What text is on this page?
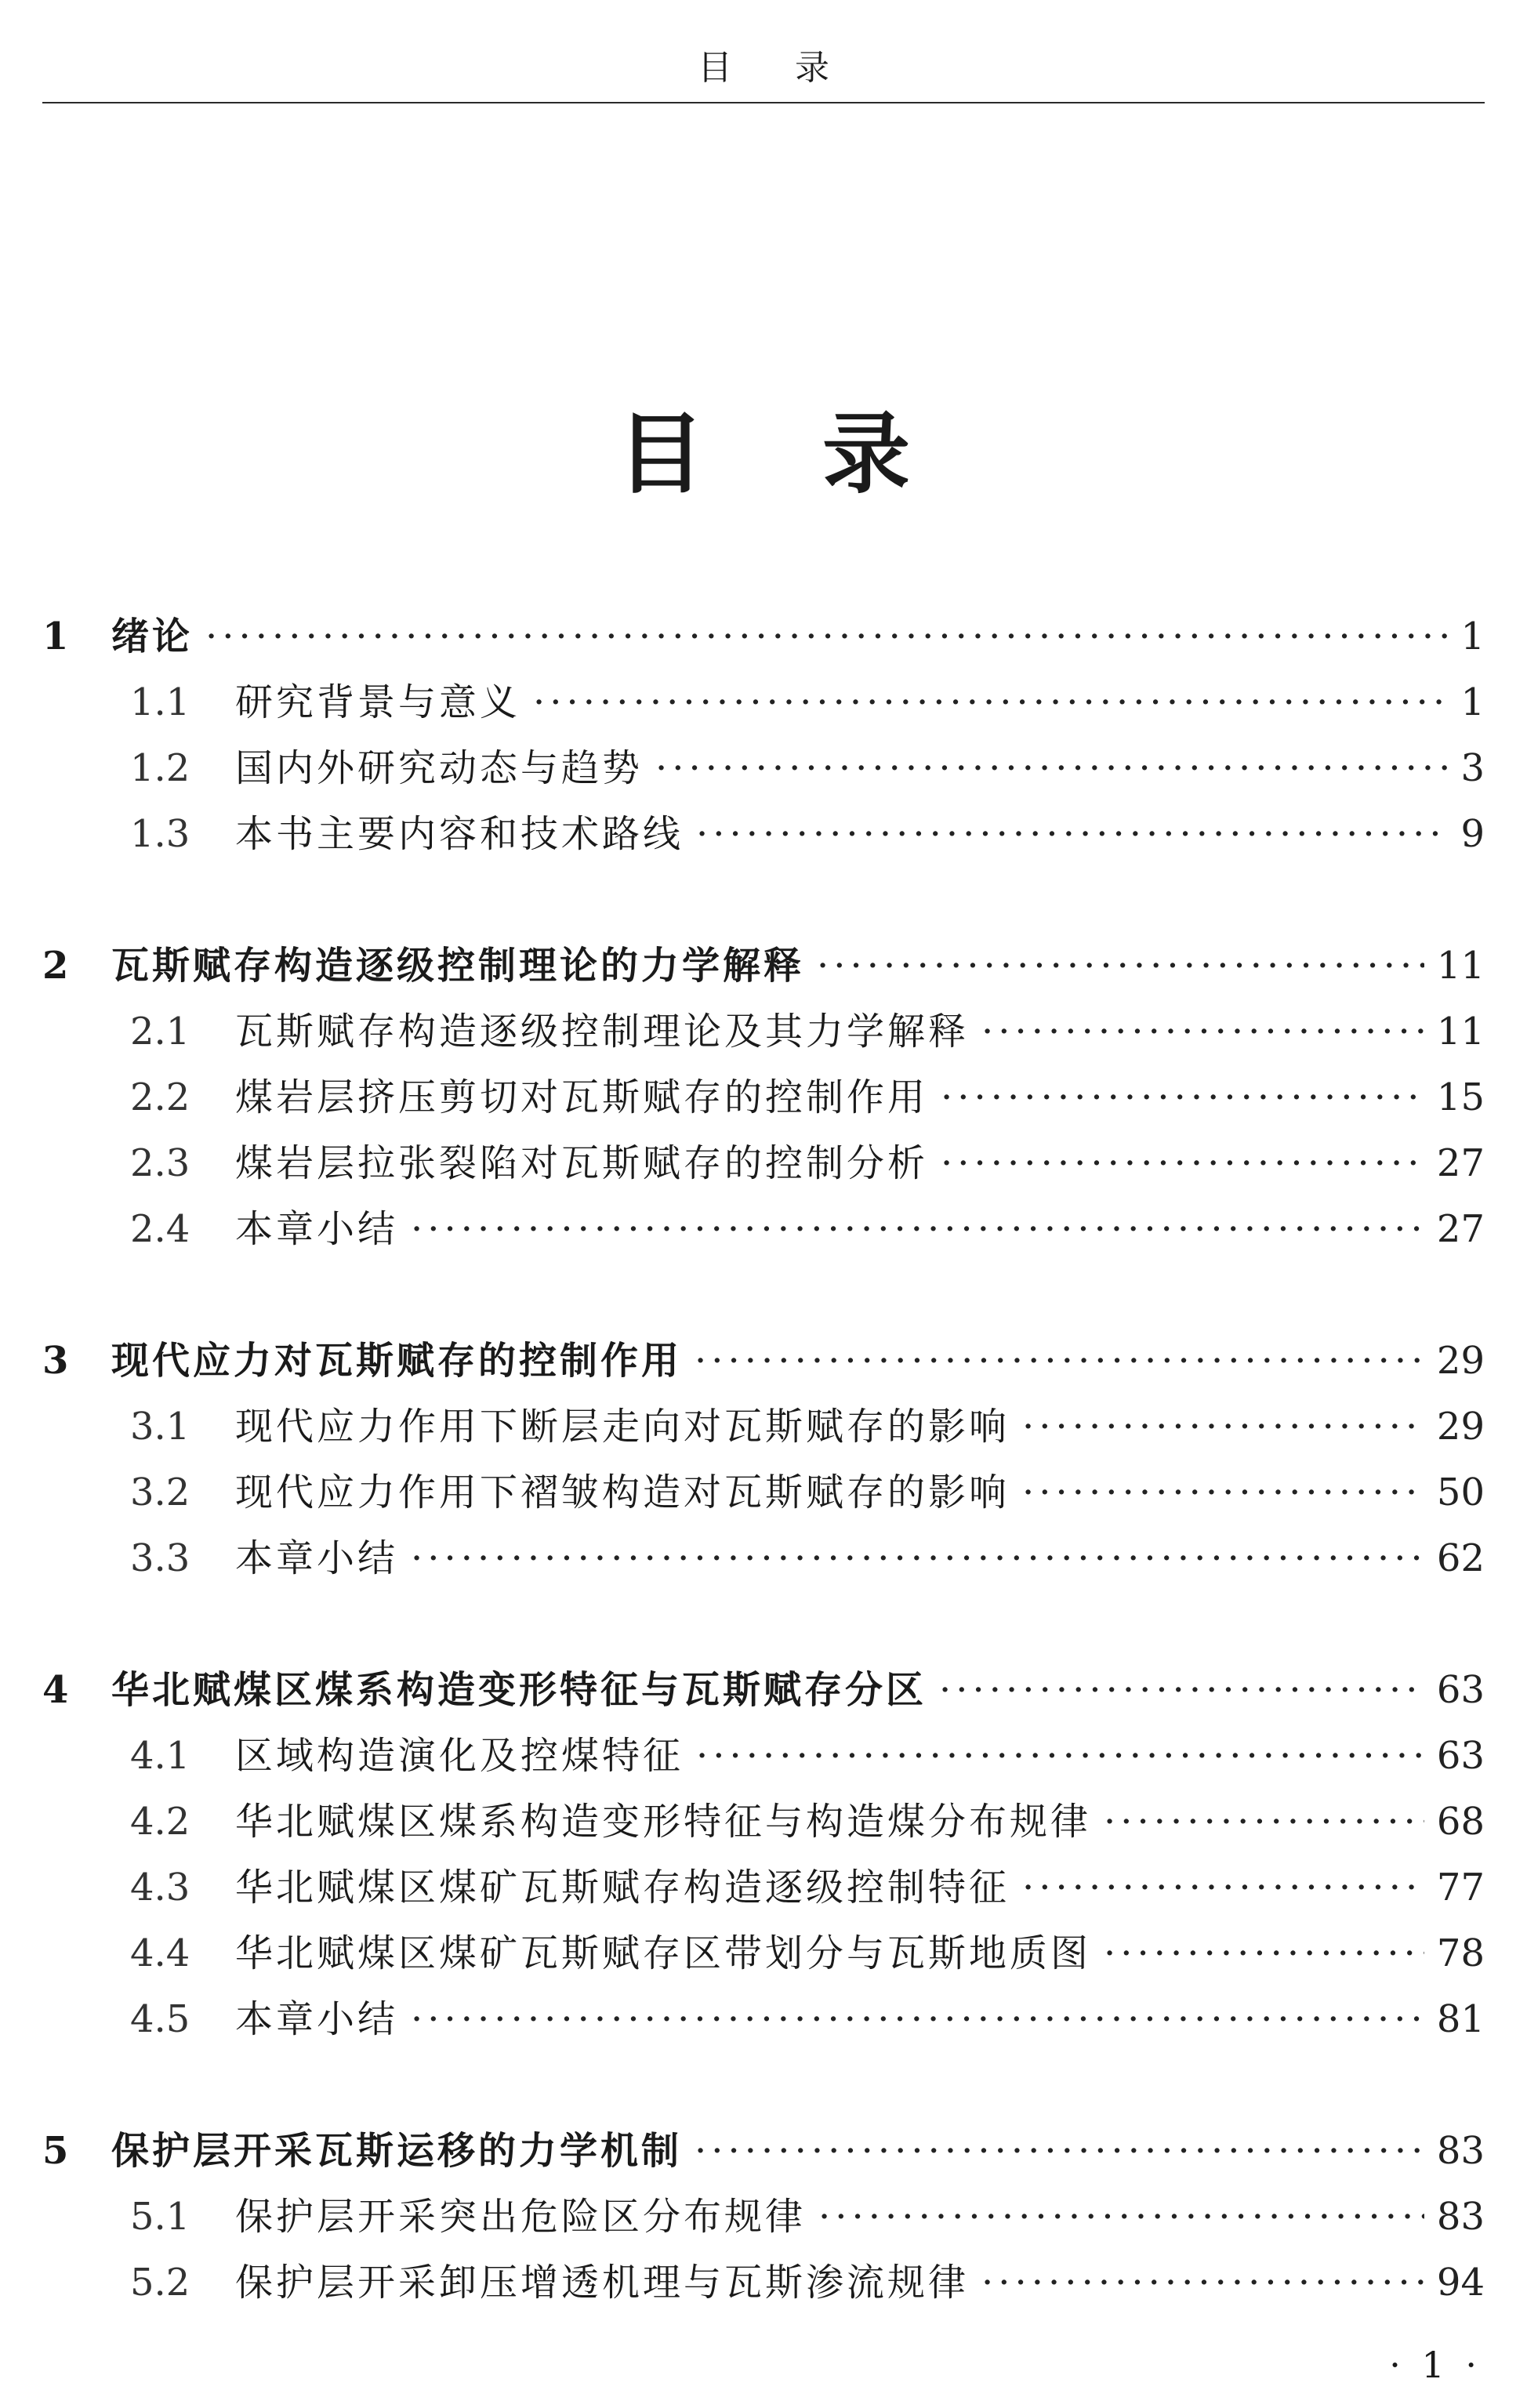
目录
目录
1	绪论 ·····	1
1.1	研究背景与意义 ·····	1
1.2	国内外研究动态与趋势 ·····	3
1.3	本书主要内容和技术路线 ·····	9
2	瓦斯赋存构造逐级控制理论的力学解释 ·····	11
2.1	瓦斯赋存构造逐级控制理论及其力学解释 ·····	11
2.2	煤岩层挤压剪切对瓦斯赋存的控制作用 ·····	15
2.3	煤岩层拉张裂陷对瓦斯赋存的控制分析 ·····	27
2.4	本章小结 ·····	27
3	现代应力对瓦斯赋存的控制作用 ·····	29
3.1	现代应力作用下断层走向对瓦斯赋存的影响 ·····	29
3.2	现代应力作用下褶皱构造对瓦斯赋存的影响 ·····	50
3.3	本章小结 ·····	62
4	华北赋煤区煤系构造变形特征与瓦斯赋存分区 ·····	63
4.1	区域构造演化及控煤特征 ·····	63
4.2	华北赋煤区煤系构造变形特征与构造煤分布规律 ·····	68
4.3	华北赋煤区煤矿瓦斯赋存构造逐级控制特征 ·····	77
4.4	华北赋煤区煤矿瓦斯赋存区带划分与瓦斯地质图 ·····	78
4.5	本章小结 ·····	81
5	保护层开采瓦斯运移的力学机制 ·····	83
5.1	保护层开采突出危险区分布规律 ·····	83
5.2	保护层开采卸压增透机理与瓦斯渗流规律 ·····	94
· 1 ·
